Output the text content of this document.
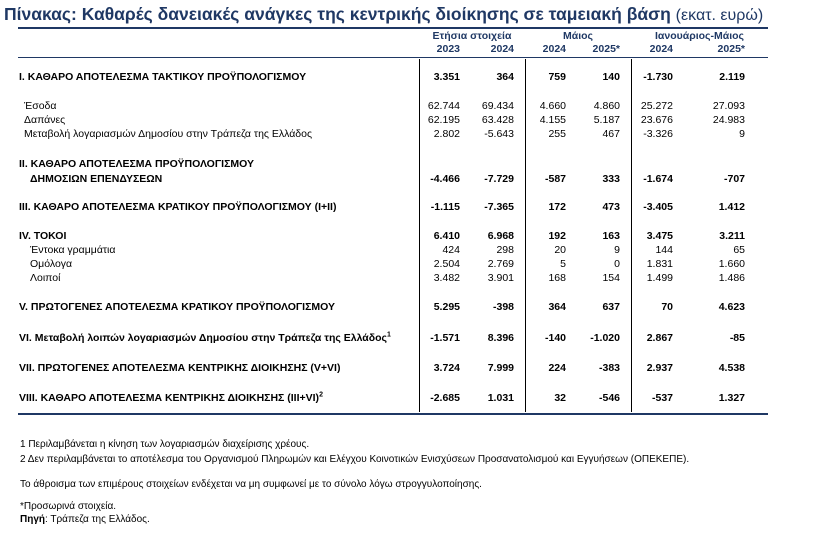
Πίνακας: Καθαρές δανειακές ανάγκες της κεντρικής διοίκησης σε ταμειακή βάση (εκατ. ευρώ)
Ετήσια στοιχεία	Μάιος	Ιανουάριος-Μάιος
2023	2024	2024	2025*	2024	2025*
I. ΚΑΘΑΡΟ ΑΠΟΤΕΛΕΣΜΑ ΤΑΚΤΙΚΟΥ ΠΡΟΫΠΟΛΟΓΙΣΜΟΥ	3.351	364	759	140	-1.730	2.119
Έσοδα	62.744	69.434	4.660	4.860	25.272	27.093
Δαπάνες	62.195	63.428	4.155	5.187	23.676	24.983
Μεταβολή λογαριασμών Δημοσίου στην Τράπεζα της Ελλάδος	2.802	-5.643	255	467	-3.326	9
II. ΚΑΘΑΡΟ ΑΠΟΤΕΛΕΣΜΑ ΠΡΟΫΠΟΛΟΓΙΣΜΟΥ
ΔΗΜΟΣΙΩΝ ΕΠΕΝΔΥΣΕΩΝ	-4.466	-7.729	-587	333	-1.674	-707
III. ΚΑΘΑΡΟ ΑΠΟΤΕΛΕΣΜΑ ΚΡΑΤΙΚΟΥ ΠΡΟΫΠΟΛΟΓΙΣΜΟΥ (I+II)	-1.115	-7.365	172	473	-3.405	1.412
IV. ΤΟΚΟΙ	6.410	6.968	192	163	3.475	3.211
Έντοκα γραμμάτια	424	298	20	9	144	65
Ομόλογα	2.504	2.769	5	0	1.831	1.660
Λοιποί	3.482	3.901	168	154	1.499	1.486
V. ΠΡΩΤΟΓΕΝΕΣ ΑΠΟΤΕΛΕΣΜΑ ΚΡΑΤΙΚΟΥ ΠΡΟΫΠΟΛΟΓΙΣΜΟΥ	5.295	-398	364	637	70	4.623
VI. Μεταβολή λοιπών λογαριασμών Δημοσίου στην Τράπεζα της Ελλάδος$^1$	-1.571	8.396	-140	-1.020	2.867	-85
VII. ΠΡΩΤΟΓΕΝΕΣ ΑΠΟΤΕΛΕΣΜΑ ΚΕΝΤΡΙΚΗΣ ΔΙΟΙΚΗΣΗΣ (V+VI)	3.724	7.999	224	-383	2.937	4.538
VIII. ΚΑΘΑΡΟ ΑΠΟΤΕΛΕΣΜΑ ΚΕΝΤΡΙΚΗΣ ΔΙΟΙΚΗΣΗΣ $(III+VI)^2$	-2.685	1.031	32	-546	-537	1.327
1 Περιλαμβάνεται η κίνηση των λογαριασμών διαχείρισης χρέους.
2 Δεν περιλαμβάνεται το αποτέλεσμα του Οργανισμού Πληρωμών και Ελέγχου Κοινοτικών Ενισχύσεων Προσανατολισμού και Εγγυήσεων (ΟΠΕΚΕΠΕ).
Το άθροισμα των επιμέρους στοιχείων ενδέχεται να μη συμφωνεί με το σύνολο λόγω στρογγυλοποίησης.
*Προσωρινά στοιχεία.
Πηγή: Τράπεζα της Ελλάδος.
